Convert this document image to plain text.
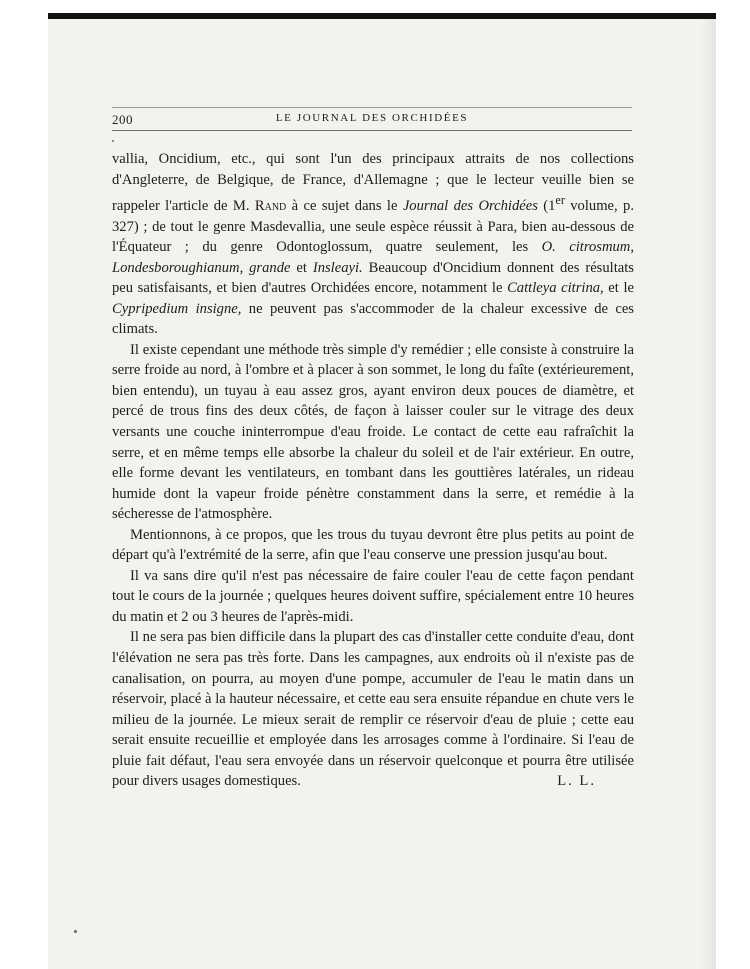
200	LE JOURNAL DES ORCHIDÉES

vallia, Oncidium, etc., qui sont l'un des principaux attraits de nos collections d'Angleterre, de Belgique, de France, d'Allemagne ; que le lecteur veuille bien se rappeler l'article de M. Rand à ce sujet dans le Journal des Orchidées (1er volume, p. 327) ; de tout le genre Masdevallia, une seule espèce réussit à Para, bien au-dessous de l'Équateur ; du genre Odontoglossum, quatre seulement, les O. citrosmum, Londesboroughianum, grande et Insleayi. Beaucoup d'Oncidium donnent des résultats peu satisfaisants, et bien d'autres Orchidées encore, notamment le Cattleya citrina, et le Cypripedium insigne, ne peuvent pas s'accommoder de la chaleur excessive de ces climats.

Il existe cependant une méthode très simple d'y remédier ; elle consiste à construire la serre froide au nord, à l'ombre et à placer à son sommet, le long du faîte (extérieurement, bien entendu), un tuyau à eau assez gros, ayant environ deux pouces de diamètre, et percé de trous fins des deux côtés, de façon à laisser couler sur le vitrage des deux versants une couche ininterrompue d'eau froide. Le contact de cette eau rafraîchit la serre, et en même temps elle absorbe la chaleur du soleil et de l'air extérieur. En outre, elle forme devant les ventilateurs, en tombant dans les gouttières latérales, un rideau humide dont la vapeur froide pénètre constamment dans la serre, et remédie à la sécheresse de l'atmosphère.

Mentionnons, à ce propos, que les trous du tuyau devront être plus petits au point de départ qu'à l'extrémité de la serre, afin que l'eau conserve une pression jusqu'au bout.

Il va sans dire qu'il n'est pas nécessaire de faire couler l'eau de cette façon pendant tout le cours de la journée ; quelques heures doivent suffire, spécialement entre 10 heures du matin et 2 ou 3 heures de l'après-midi.

Il ne sera pas bien difficile dans la plupart des cas d'installer cette conduite d'eau, dont l'élévation ne sera pas très forte. Dans les campagnes, aux endroits où il n'existe pas de canalisation, on pourra, au moyen d'une pompe, accumuler de l'eau le matin dans un réservoir, placé à la hauteur nécessaire, et cette eau sera ensuite répandue en chute vers le milieu de la journée. Le mieux serait de remplir ce réservoir d'eau de pluie ; cette eau serait ensuite recueillie et employée dans les arrosages comme à l'ordinaire. Si l'eau de pluie fait défaut, l'eau sera envoyée dans un réservoir quelconque et pourra être utilisée pour divers usages domestiques.	L. L.
